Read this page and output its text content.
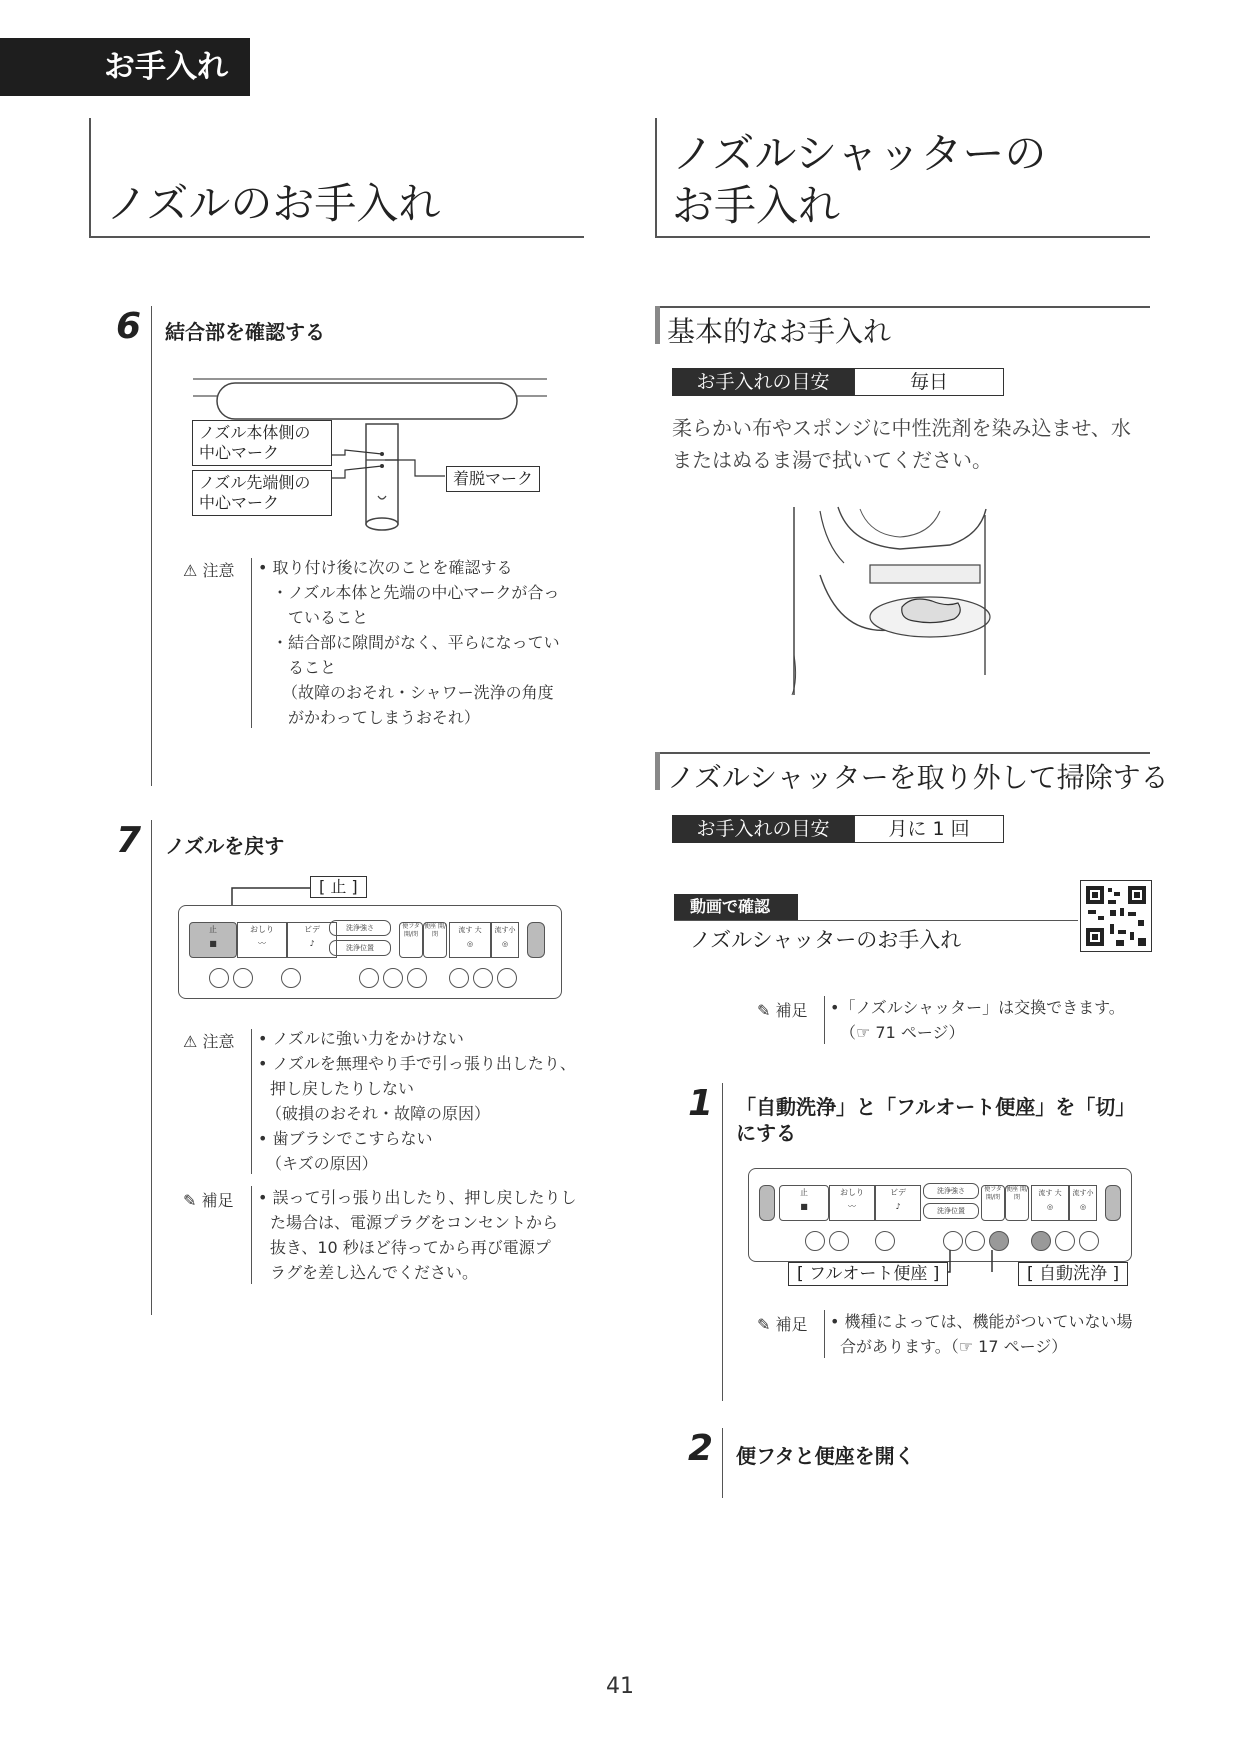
お手入れ
ノズルのお手入れ
6 結合部を確認する
ノズル本体側の
中心マーク
ノズル先端側の
中心マーク
着脱マーク
⚠ 注意 • 取り付け後に次のことを確認する
・ノズル本体と先端の中心マークが合っ
ていること
・結合部に隙間がなく、平らになってい
ること
（故障のおそれ・シャワー洗浄の角度
がかわってしまうおそれ）
7 ノズルを戻す
[ 止 ]
止
■
おしり
〰
ビデ
♪
洗浄強さ
洗浄位置
便フタ 開/閉
便座 開/閉
流す 大
◎
流す小
◎
⚠ 注意 • ノズルに強い力をかけない
• ノズルを無理やり手で引っ張り出したり、
押し戻したりしない
（破損のおそれ・故障の原因）
• 歯ブラシでこすらない
（キズの原因）
✎ 補足 • 誤って引っ張り出したり、押し戻したりし
た場合は、電源プラグをコンセントから
抜き、10 秒ほど待ってから再び電源プ
ラグを差し込んでください。
ノズルシャッターの
お手入れ
基本的なお手入れ
お手入れの目安	毎日
柔らかい布やスポンジに中性洗剤を染み込ませ、水
またはぬるま湯で拭いてください。
ノズルシャッターを取り外して掃除する
お手入れの目安	月に 1 回
動画で確認
ノズルシャッターのお手入れ
✎ 補足 •「ノズルシャッター」は交換できます。
（☞ 71 ページ）
1 「自動洗浄」と「フルオート便座」を「切」
にする
止
■
おしり
〰
ビデ
♪
洗浄強さ
洗浄位置
便フタ 開/閉
便座 開/閉
流す 大
◎
流す小
◎
[ フルオート便座 ]	[ 自動洗浄 ]
✎ 補足 • 機種によっては、機能がついていない場
合があります。（☞ 17 ページ）
2 便フタと便座を開く
41
